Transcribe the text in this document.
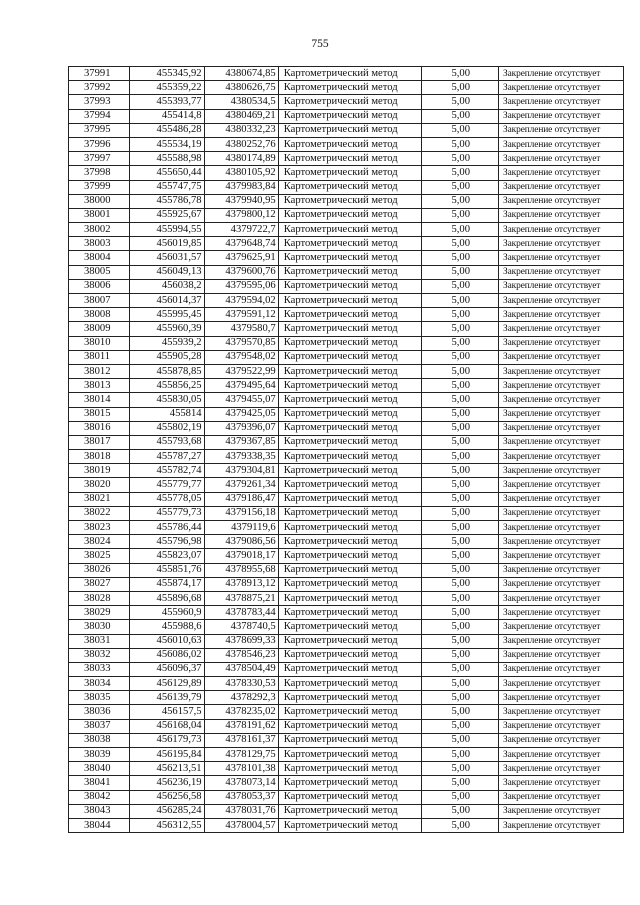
755
37991	455345,92	4380674,85	Картометрический метод	5,00	Закрепление отсутствует
37992	455359,22	4380626,75	Картометрический метод	5,00	Закрепление отсутствует
37993	455393,77	4380534,5	Картометрический метод	5,00	Закрепление отсутствует
37994	455414,8	4380469,21	Картометрический метод	5,00	Закрепление отсутствует
37995	455486,28	4380332,23	Картометрический метод	5,00	Закрепление отсутствует
37996	455534,19	4380252,76	Картометрический метод	5,00	Закрепление отсутствует
37997	455588,98	4380174,89	Картометрический метод	5,00	Закрепление отсутствует
37998	455650,44	4380105,92	Картометрический метод	5,00	Закрепление отсутствует
37999	455747,75	4379983,84	Картометрический метод	5,00	Закрепление отсутствует
38000	455786,78	4379940,95	Картометрический метод	5,00	Закрепление отсутствует
38001	455925,67	4379800,12	Картометрический метод	5,00	Закрепление отсутствует
38002	455994,55	4379722,7	Картометрический метод	5,00	Закрепление отсутствует
38003	456019,85	4379648,74	Картометрический метод	5,00	Закрепление отсутствует
38004	456031,57	4379625,91	Картометрический метод	5,00	Закрепление отсутствует
38005	456049,13	4379600,76	Картометрический метод	5,00	Закрепление отсутствует
38006	456038,2	4379595,06	Картометрический метод	5,00	Закрепление отсутствует
38007	456014,37	4379594,02	Картометрический метод	5,00	Закрепление отсутствует
38008	455995,45	4379591,12	Картометрический метод	5,00	Закрепление отсутствует
38009	455960,39	4379580,7	Картометрический метод	5,00	Закрепление отсутствует
38010	455939,2	4379570,85	Картометрический метод	5,00	Закрепление отсутствует
38011	455905,28	4379548,02	Картометрический метод	5,00	Закрепление отсутствует
38012	455878,85	4379522,99	Картометрический метод	5,00	Закрепление отсутствует
38013	455856,25	4379495,64	Картометрический метод	5,00	Закрепление отсутствует
38014	455830,05	4379455,07	Картометрический метод	5,00	Закрепление отсутствует
38015	455814	4379425,05	Картометрический метод	5,00	Закрепление отсутствует
38016	455802,19	4379396,07	Картометрический метод	5,00	Закрепление отсутствует
38017	455793,68	4379367,85	Картометрический метод	5,00	Закрепление отсутствует
38018	455787,27	4379338,35	Картометрический метод	5,00	Закрепление отсутствует
38019	455782,74	4379304,81	Картометрический метод	5,00	Закрепление отсутствует
38020	455779,77	4379261,34	Картометрический метод	5,00	Закрепление отсутствует
38021	455778,05	4379186,47	Картометрический метод	5,00	Закрепление отсутствует
38022	455779,73	4379156,18	Картометрический метод	5,00	Закрепление отсутствует
38023	455786,44	4379119,6	Картометрический метод	5,00	Закрепление отсутствует
38024	455796,98	4379086,56	Картометрический метод	5,00	Закрепление отсутствует
38025	455823,07	4379018,17	Картометрический метод	5,00	Закрепление отсутствует
38026	455851,76	4378955,68	Картометрический метод	5,00	Закрепление отсутствует
38027	455874,17	4378913,12	Картометрический метод	5,00	Закрепление отсутствует
38028	455896,68	4378875,21	Картометрический метод	5,00	Закрепление отсутствует
38029	455960,9	4378783,44	Картометрический метод	5,00	Закрепление отсутствует
38030	455988,6	4378740,5	Картометрический метод	5,00	Закрепление отсутствует
38031	456010,63	4378699,33	Картометрический метод	5,00	Закрепление отсутствует
38032	456086,02	4378546,23	Картометрический метод	5,00	Закрепление отсутствует
38033	456096,37	4378504,49	Картометрический метод	5,00	Закрепление отсутствует
38034	456129,89	4378330,53	Картометрический метод	5,00	Закрепление отсутствует
38035	456139,79	4378292,3	Картометрический метод	5,00	Закрепление отсутствует
38036	456157,5	4378235,02	Картометрический метод	5,00	Закрепление отсутствует
38037	456168,04	4378191,62	Картометрический метод	5,00	Закрепление отсутствует
38038	456179,73	4378161,37	Картометрический метод	5,00	Закрепление отсутствует
38039	456195,84	4378129,75	Картометрический метод	5,00	Закрепление отсутствует
38040	456213,51	4378101,38	Картометрический метод	5,00	Закрепление отсутствует
38041	456236,19	4378073,14	Картометрический метод	5,00	Закрепление отсутствует
38042	456256,58	4378053,37	Картометрический метод	5,00	Закрепление отсутствует
38043	456285,24	4378031,76	Картометрический метод	5,00	Закрепление отсутствует
38044	456312,55	4378004,57	Картометрический метод	5,00	Закрепление отсутствует
